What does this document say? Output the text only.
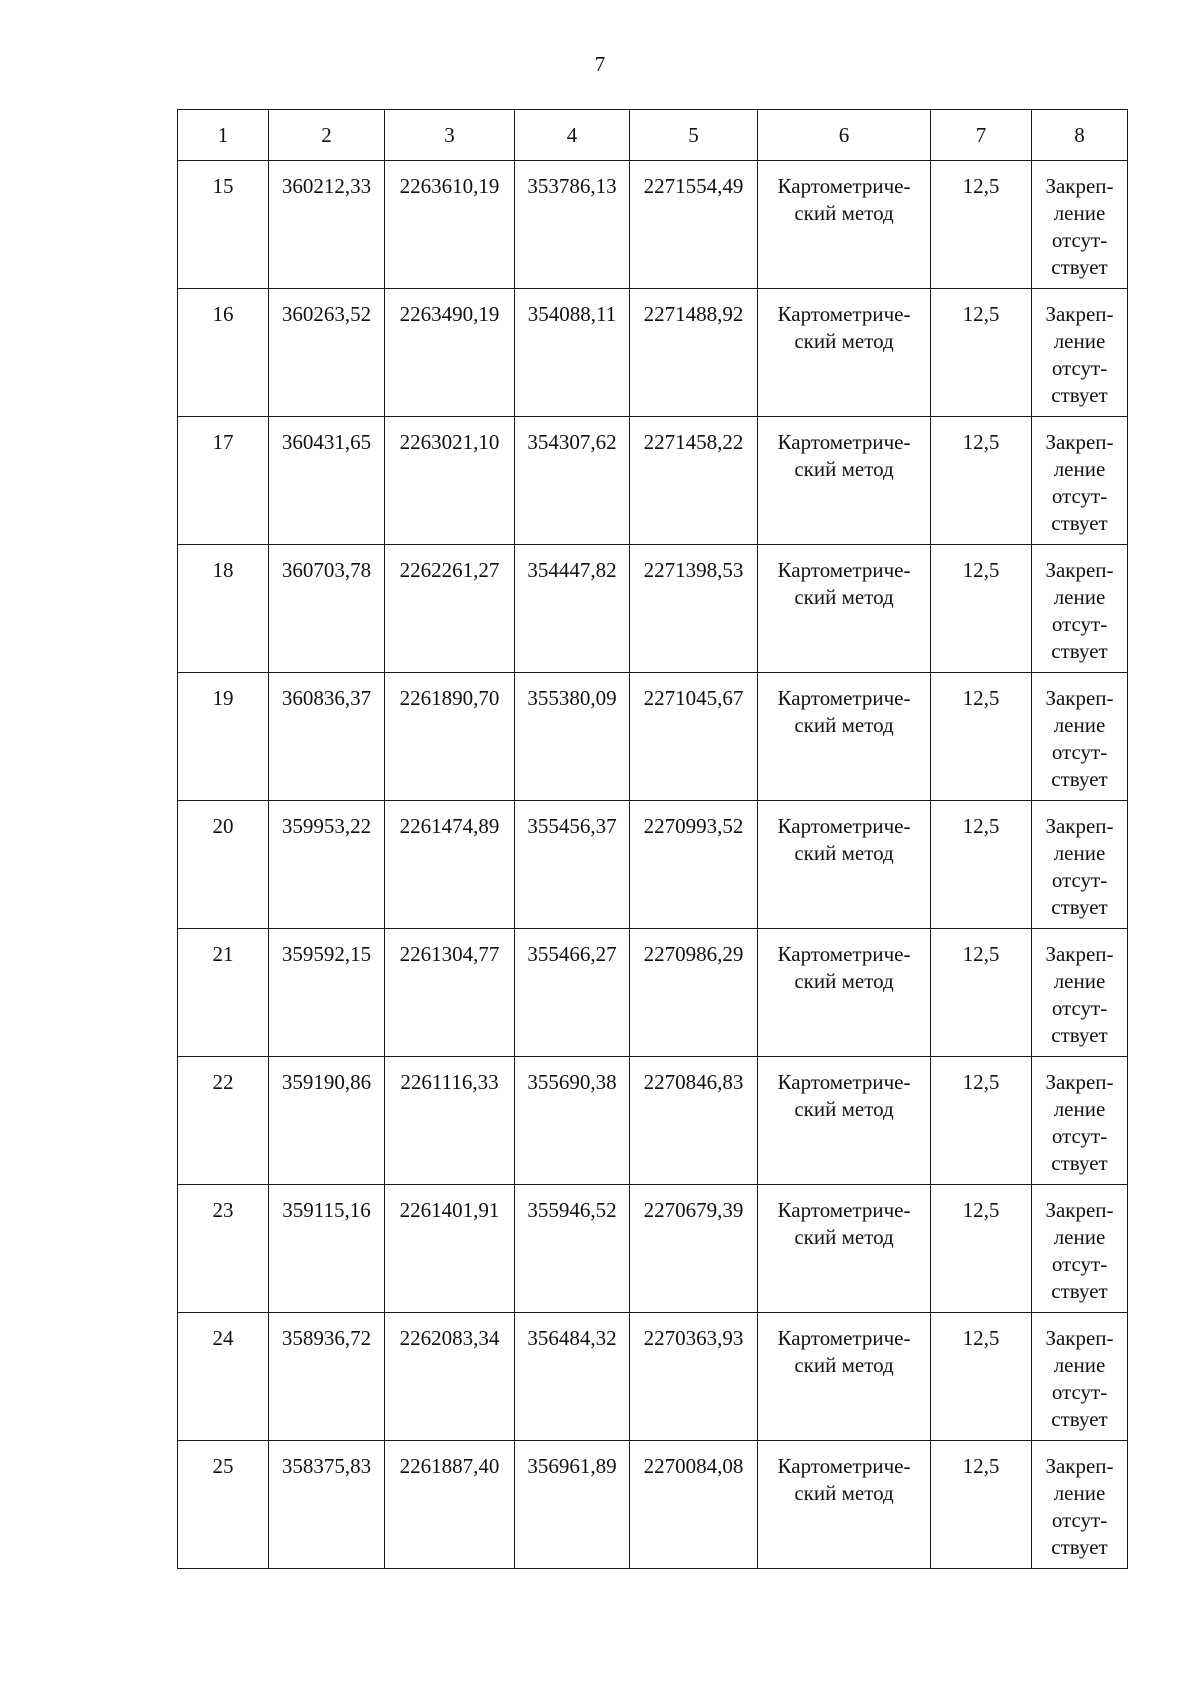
7
1	2	3	4	5	6	7	8
15	360212,33	2263610,19	353786,13	2271554,49	Картометриче-
ский метод	12,5	Закреп-
ление
отсут-
ствует

16	360263,52	2263490,19	354088,11	2271488,92	Картометриче-
ский метод	12,5	Закреп-
ление
отсут-
ствует

17	360431,65	2263021,10	354307,62	2271458,22	Картометриче-
ский метод	12,5	Закреп-
ление
отсут-
ствует

18	360703,78	2262261,27	354447,82	2271398,53	Картометриче-
ский метод	12,5	Закреп-
ление
отсут-
ствует

19	360836,37	2261890,70	355380,09	2271045,67	Картометриче-
ский метод	12,5	Закреп-
ление
отсут-
ствует

20	359953,22	2261474,89	355456,37	2270993,52	Картометриче-
ский метод	12,5	Закреп-
ление
отсут-
ствует

21	359592,15	2261304,77	355466,27	2270986,29	Картометриче-
ский метод	12,5	Закреп-
ление
отсут-
ствует

22	359190,86	2261116,33	355690,38	2270846,83	Картометриче-
ский метод	12,5	Закреп-
ление
отсут-
ствует

23	359115,16	2261401,91	355946,52	2270679,39	Картометриче-
ский метод	12,5	Закреп-
ление
отсут-
ствует

24	358936,72	2262083,34	356484,32	2270363,93	Картометриче-
ский метод	12,5	Закреп-
ление
отсут-
ствует

25	358375,83	2261887,40	356961,89	2270084,08	Картометриче-
ский метод	12,5	Закреп-
ление
отсут-
ствует
